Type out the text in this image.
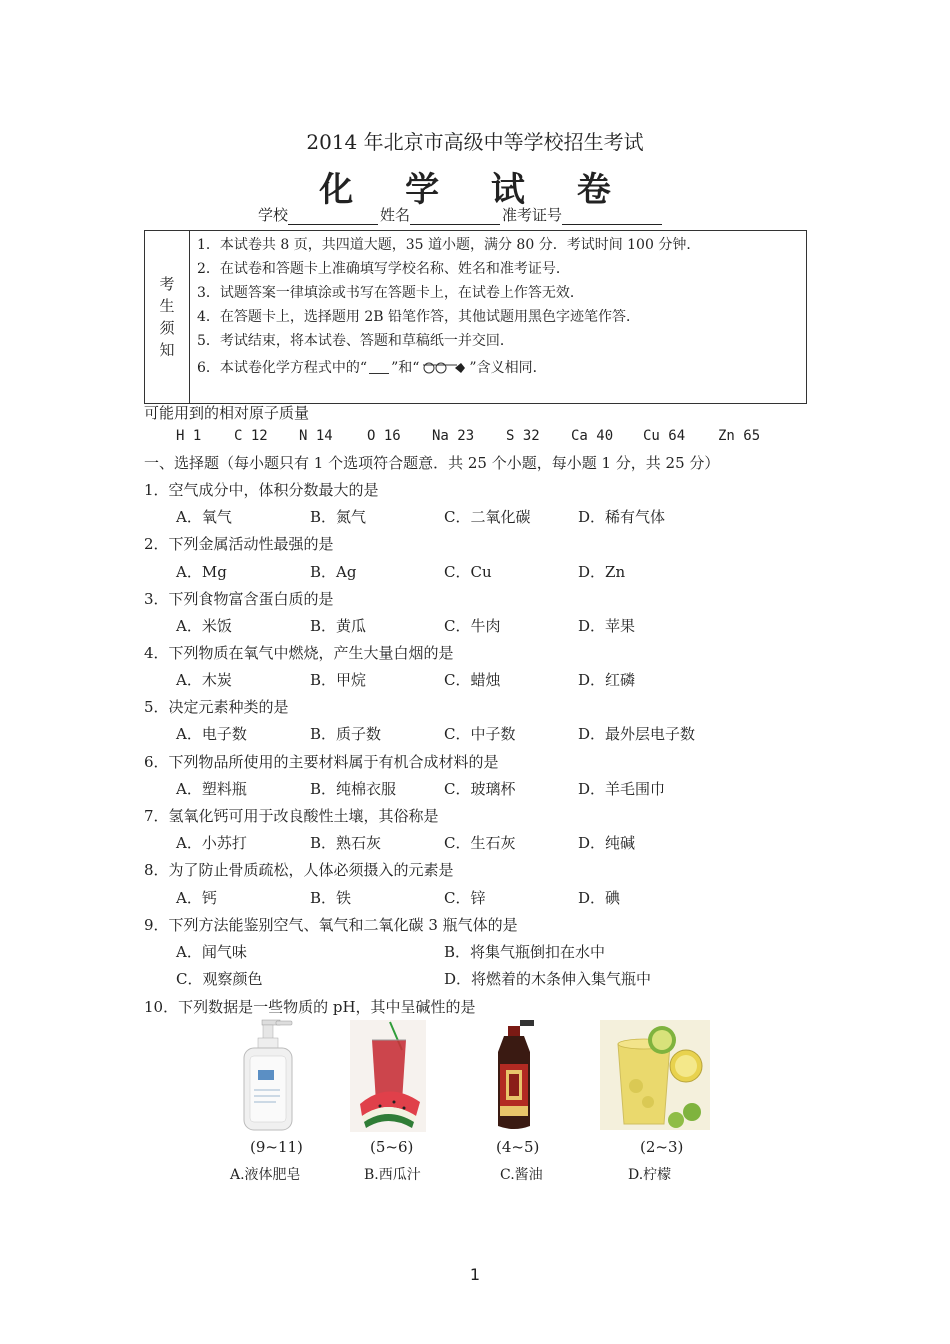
2014 年北京市高级中等学校招生考试
化 学 试 卷
学校	姓名	准考证号
考
生
须
知
1．本试卷共 8 页，共四道大题，35 道小题，满分 80 分．考试时间 100 分钟．
2．在试卷和答题卡上准确填写学校名称、姓名和准考证号．
3．试题答案一律填涂或书写在答题卡上，在试卷上作答无效．
4．在答题卡上，选择题用 2B 铅笔作答，其他试题用黑色字迹笔作答．
5．考试结束，将本试卷、答题和草稿纸一并交回．
6．本试卷化学方程式中的“ ”和“	”含义相同．
可能用到的相对原子质量
H 1 C 12 N 14 O 16 Na 23 S 32 Ca 40 Cu 64 Zn 65
一、选择题（每小题只有 1 个选项符合题意．共 25 个小题，每小题 1 分，共 25 分）
1．空气成分中，体积分数最大的是
A．氧气	B．氮气	C．二氧化碳	D．稀有气体
2．下列金属活动性最强的是
A．Mg	B．Ag	C．Cu	D．Zn
3．下列食物富含蛋白质的是
A．米饭	B．黄瓜	C．牛肉	D．苹果
4．下列物质在氧气中燃烧，产生大量白烟的是
A．木炭	B．甲烷	C．蜡烛	D．红磷
5．决定元素种类的是
A．电子数	B．质子数	C．中子数	D．最外层电子数
6．下列物品所使用的主要材料属于有机合成材料的是
A．塑料瓶	B．纯棉衣服	C．玻璃杯	D．羊毛围巾
7．氢氧化钙可用于改良酸性土壤，其俗称是
A．小苏打	B．熟石灰	C．生石灰	D．纯碱
8．为了防止骨质疏松，人体必须摄入的元素是
A．钙	B．铁	C．锌	D．碘
9．下列方法能鉴别空气、氧气和二氧化碳 3 瓶气体的是
A．闻气味	B．将集气瓶倒扣在水中
C．观察颜色	D．将燃着的木条伸入集气瓶中
10．下列数据是一些物质的 pH，其中呈碱性的是
(9~11)	(5~6)	(4~5)	(2~3)
A.液体肥皂	B.西瓜汁	C.酱油	D.柠檬
1
